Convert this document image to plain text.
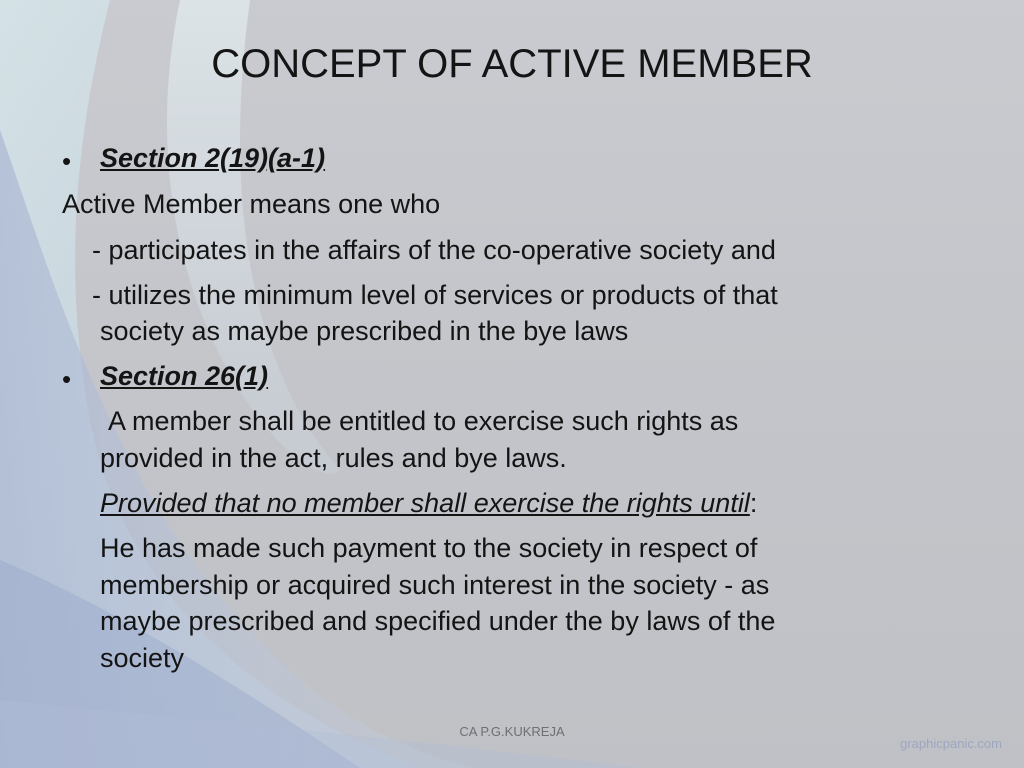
CONCEPT OF ACTIVE MEMBER
• Section 2(19)(a-1)
Active Member means one who
- participates in the affairs of the co-operative society and
- utilizes the minimum level of services or products of that
society as maybe prescribed in the bye laws
• Section 26(1)
A member shall be entitled to exercise such rights as
provided in the act, rules and bye laws.
Provided that no member shall exercise the rights until:
He has made such payment to the society in respect of
membership or acquired such interest in the society - as
maybe prescribed and specified under the by laws of the
society
CA P.G.KUKREJA
graphicpanic.com
